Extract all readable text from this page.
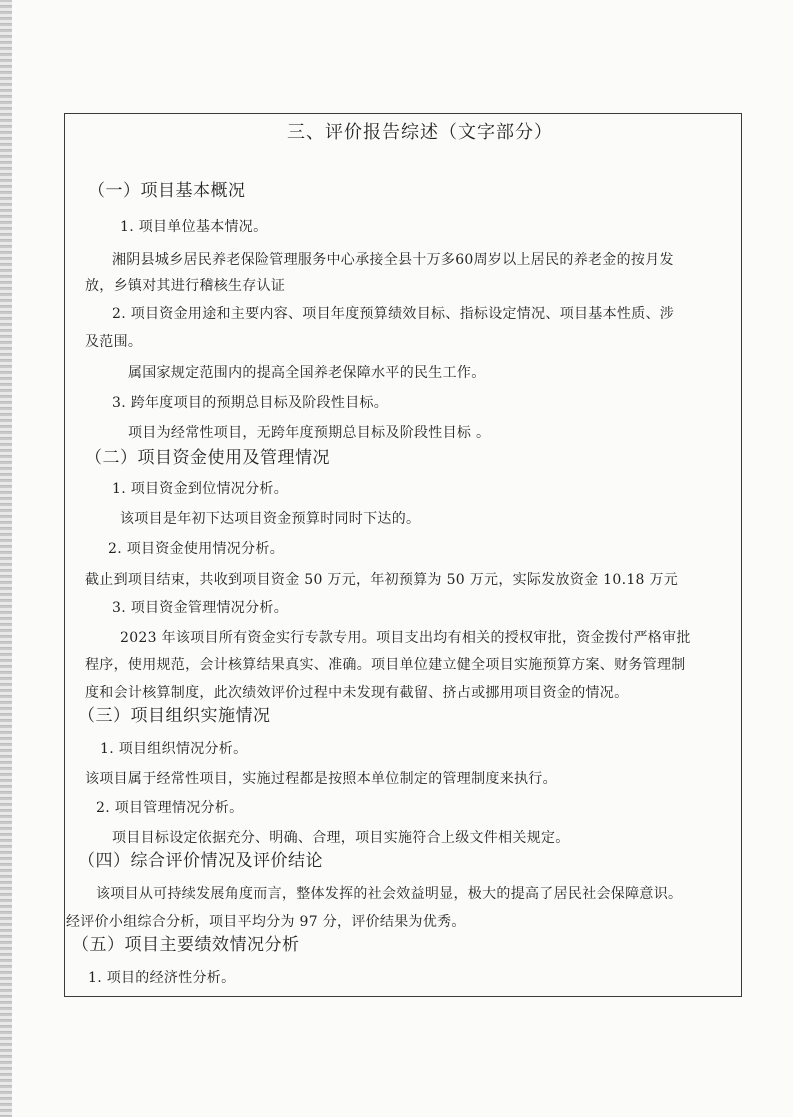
三、评价报告综述（文字部分）
（一）项目基本概况
1. 项目单位基本情况。
湘阴县城乡居民养老保险管理服务中心承接全县十万多60周岁以上居民的养老金的按月发
放，乡镇对其进行稽核生存认证
2. 项目资金用途和主要内容、项目年度预算绩效目标、指标设定情况、项目基本性质、涉
及范围。
属国家规定范围内的提高全国养老保障水平的民生工作。
3. 跨年度项目的预期总目标及阶段性目标。
项目为经常性项目，无跨年度预期总目标及阶段性目标 。
（二）项目资金使用及管理情况
1. 项目资金到位情况分析。
该项目是年初下达项目资金预算时同时下达的。
2. 项目资金使用情况分析。
截止到项目结束，共收到项目资金 50 万元，年初预算为 50 万元，实际发放资金 10.18 万元
3. 项目资金管理情况分析。
2023 年该项目所有资金实行专款专用。项目支出均有相关的授权审批，资金拨付严格审批
程序，使用规范，会计核算结果真实、准确。项目单位建立健全项目实施预算方案、财务管理制
度和会计核算制度，此次绩效评价过程中未发现有截留、挤占或挪用项目资金的情况。
（三）项目组织实施情况
1. 项目组织情况分析。
该项目属于经常性项目，实施过程都是按照本单位制定的管理制度来执行。
2. 项目管理情况分析。
项目目标设定依据充分、明确、合理，项目实施符合上级文件相关规定。
（四）综合评价情况及评价结论
该项目从可持续发展角度而言，整体发挥的社会效益明显，极大的提高了居民社会保障意识。
经评价小组综合分析，项目平均分为 97 分，评价结果为优秀。
（五）项目主要绩效情况分析
1. 项目的经济性分析。
